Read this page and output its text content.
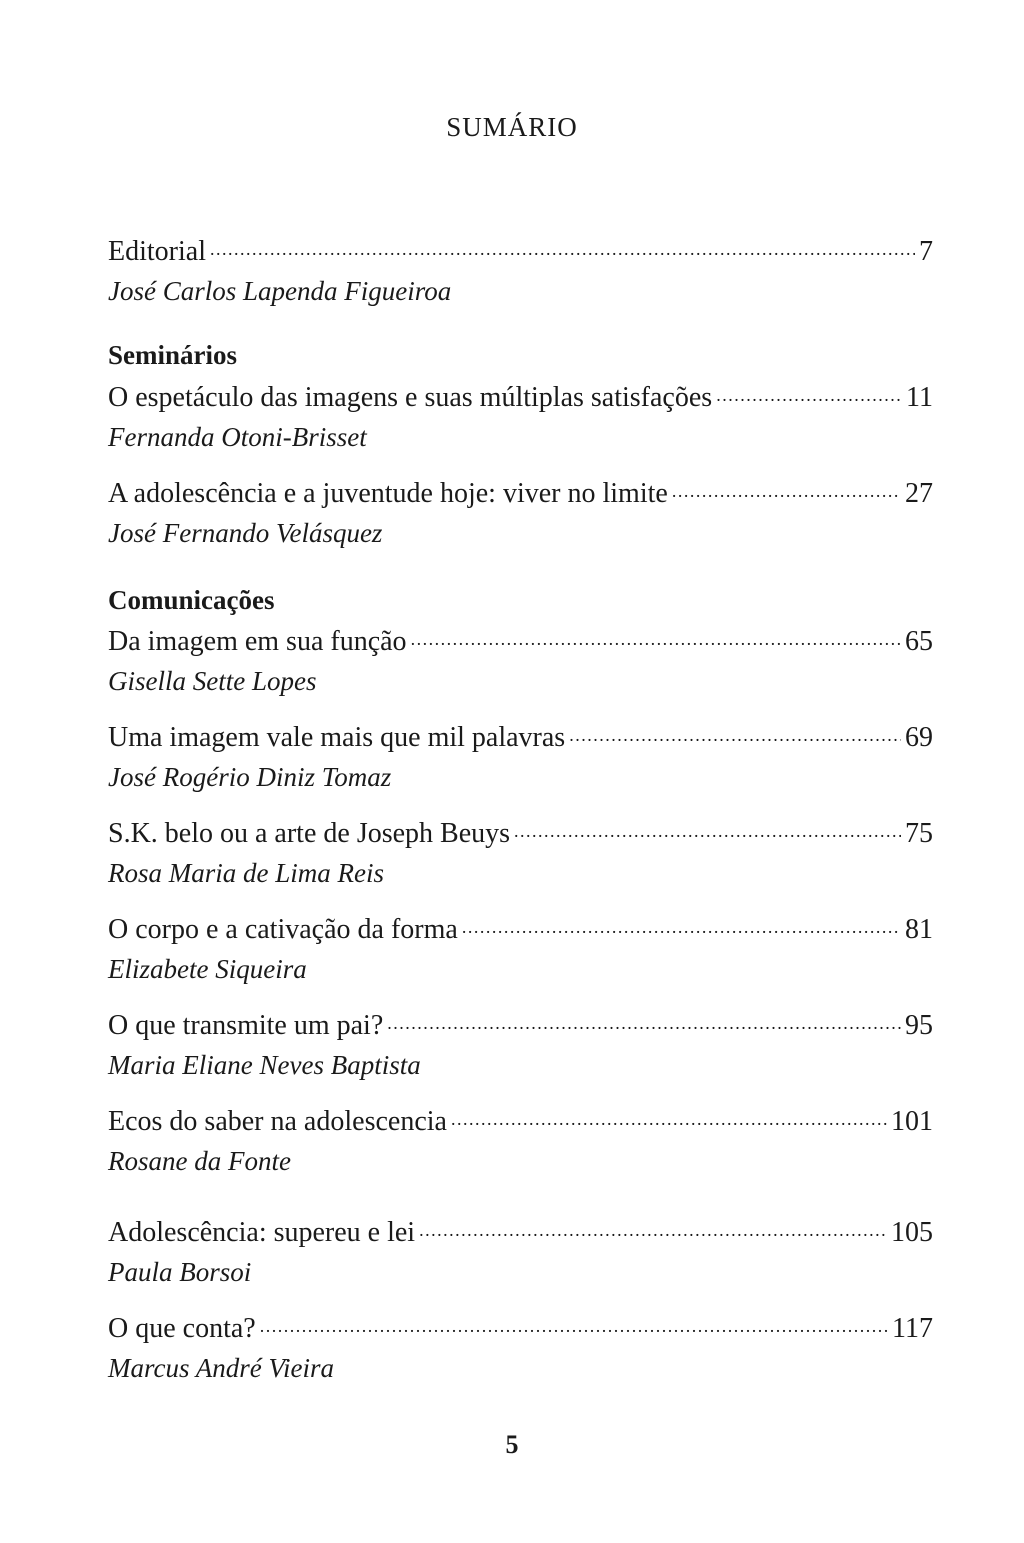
SUMÁRIO
Editorial .....	7
José Carlos Lapenda Figueiroa
Seminários
O espetáculo das imagens e suas múltiplas satisfações .....	11
Fernanda Otoni-Brisset
A adolescência e a juventude hoje: viver no limite .....	27
José Fernando Velásquez
Comunicações
Da imagem em sua função .....	65
Gisella Sette Lopes
Uma imagem vale mais que mil palavras .....	69
José Rogério Diniz Tomaz
S.K. belo ou a arte de Joseph Beuys .....	75
Rosa Maria de Lima Reis
O corpo e a cativação da forma .....	81
Elizabete Siqueira
O que transmite um pai? .....	95
Maria Eliane Neves Baptista
Ecos do saber na adolescencia .....	101
Rosane da Fonte
Adolescência: supereu e lei .....	105
Paula Borsoi
O que conta? .....	117
Marcus André Vieira
5
